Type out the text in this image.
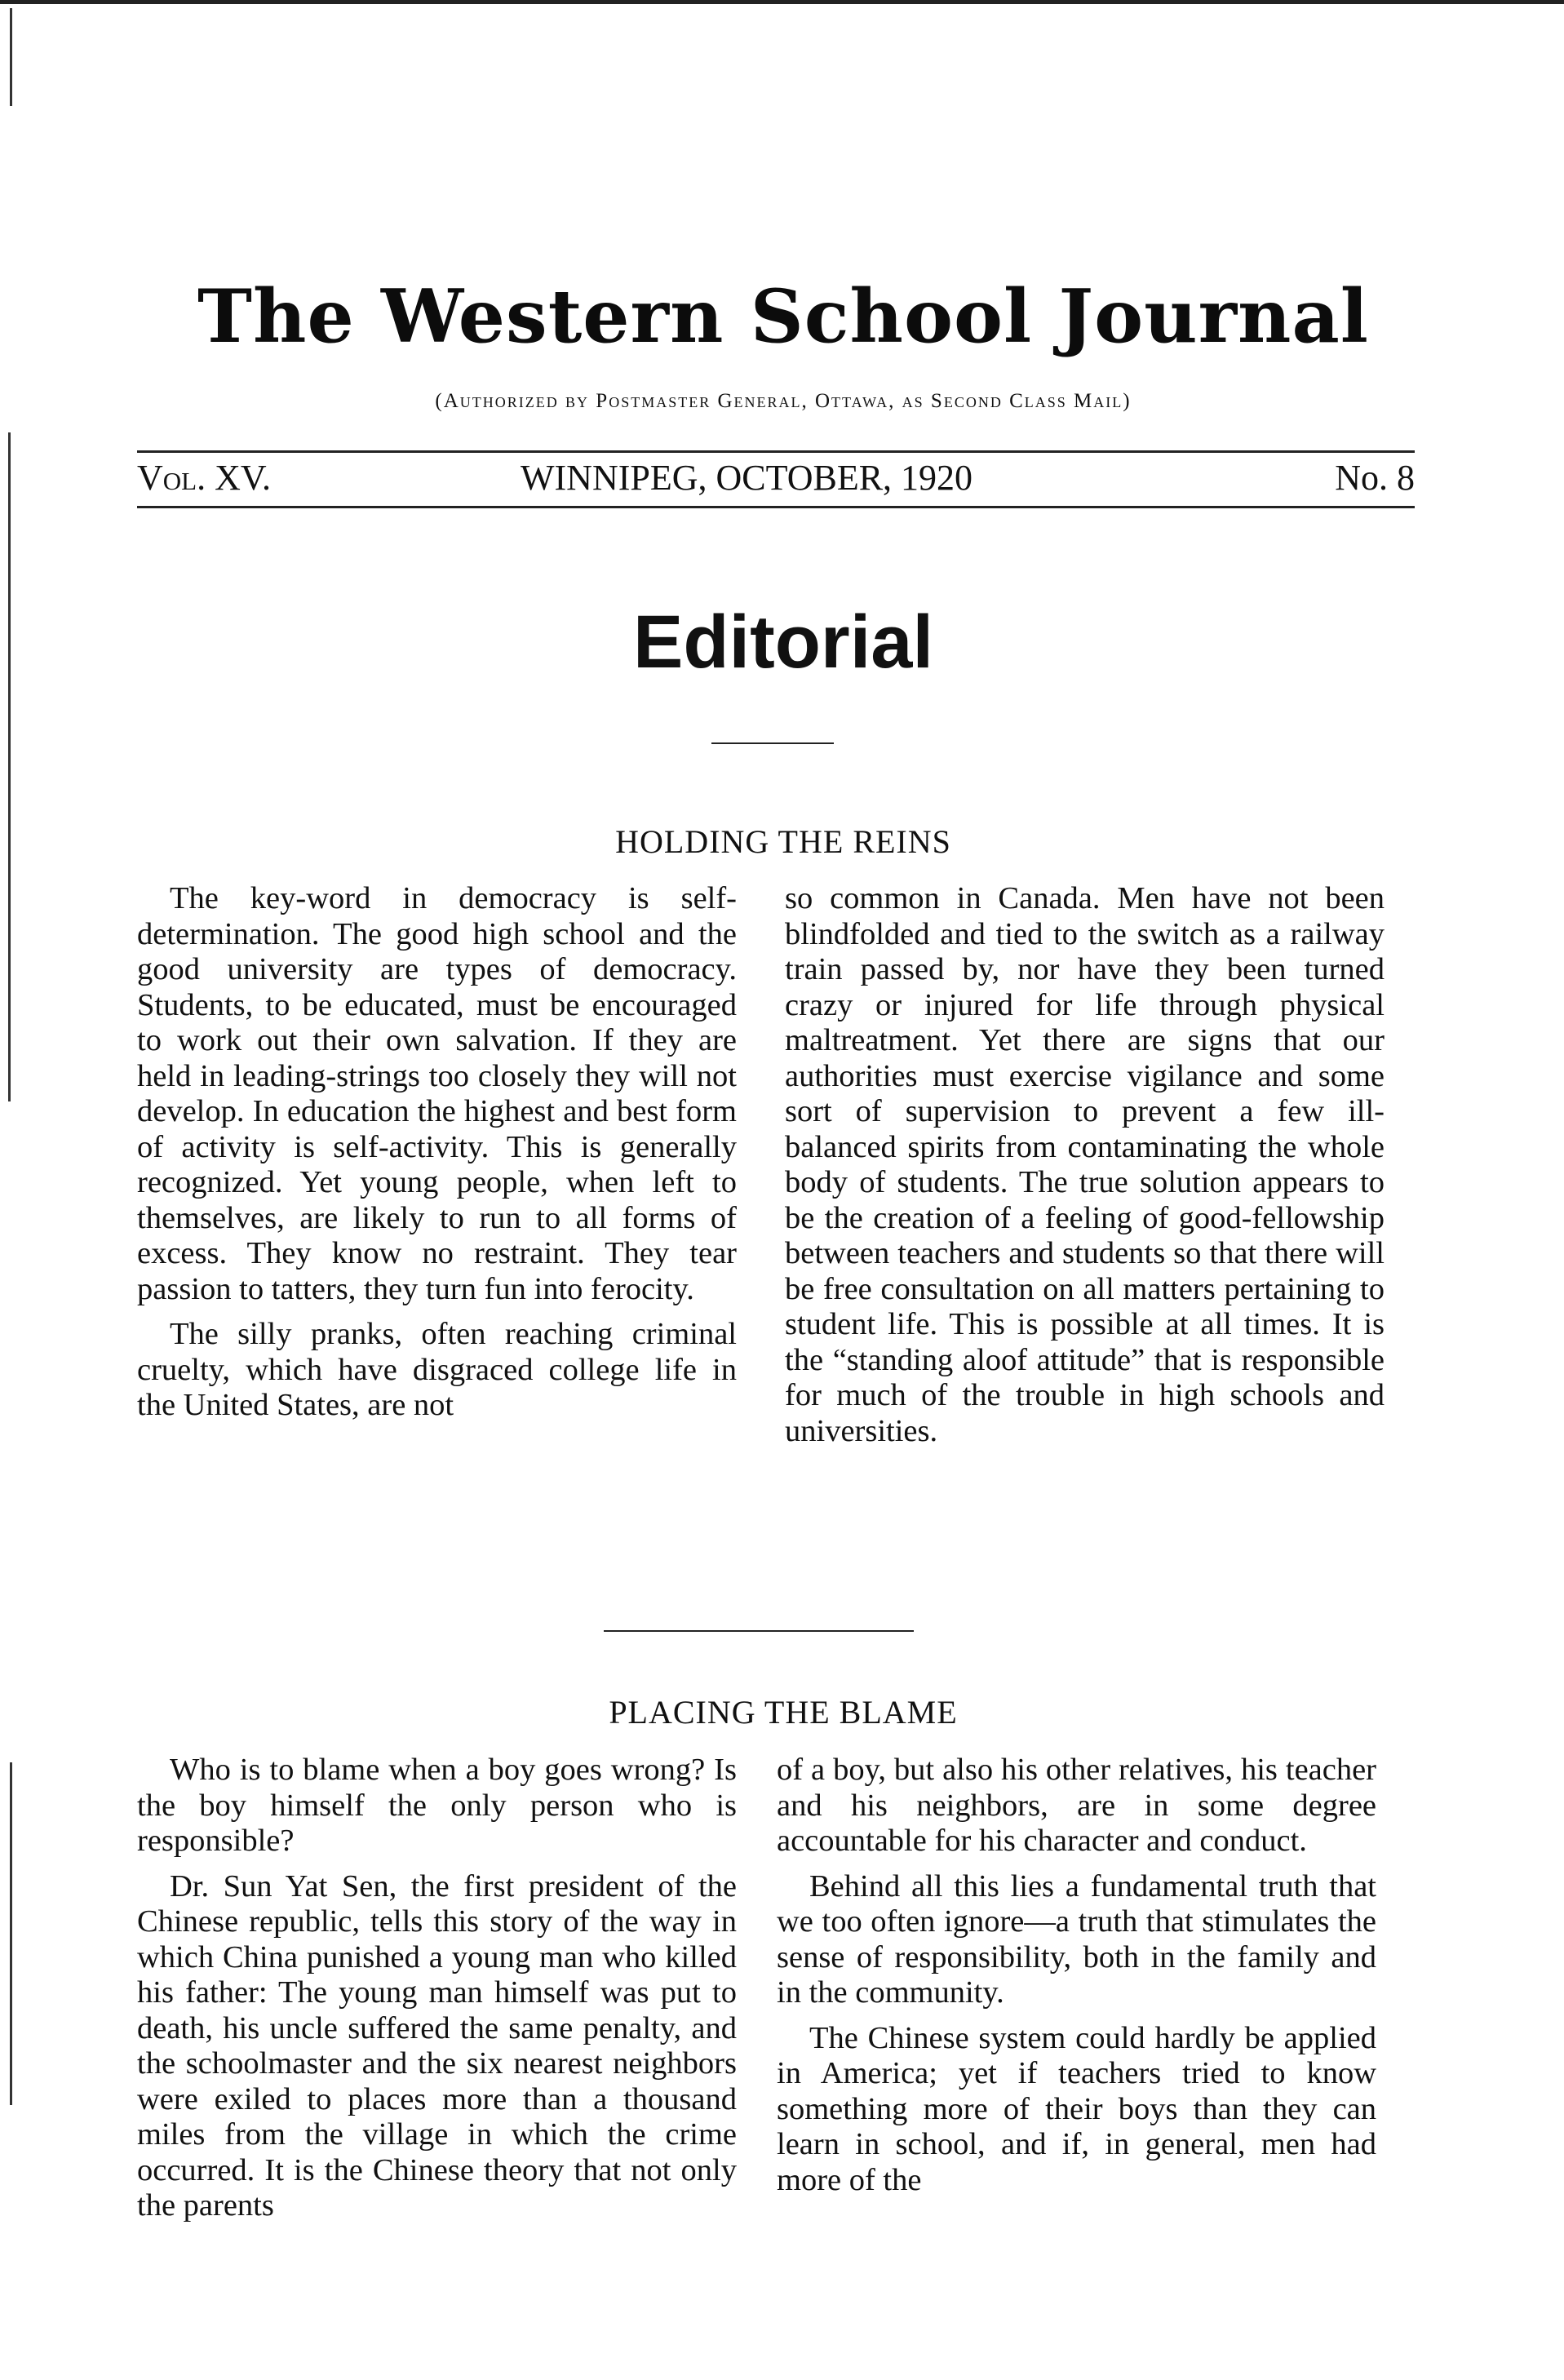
The Western School Journal
(Authorized by Postmaster General, Ottawa, as Second Class Mail)
Vol. XV.	WINNIPEG, OCTOBER, 1920	No. 8
Editorial
HOLDING THE REINS

The key-word in democracy is self-determination. The good high school and the good university are types of democracy. Students, to be educated, must be encouraged to work out their own salvation. If they are held in leading-strings too closely they will not develop. In education the highest and best form of activity is self-activity. This is generally recognized. Yet young people, when left to themselves, are likely to run to all forms of excess. They know no restraint. They tear passion to tatters, they turn fun into ferocity.

The silly pranks, often reaching criminal cruelty, which have disgraced college life in the United States, are not

so common in Canada. Men have not been blindfolded and tied to the switch as a railway train passed by, nor have they been turned crazy or injured for life through physical maltreatment. Yet there are signs that our authorities must exercise vigilance and some sort of supervision to prevent a few ill-balanced spirits from contaminating the whole body of students. The true solution appears to be the creation of a feeling of good-fellowship between teachers and students so that there will be free consultation on all matters pertaining to student life. This is possible at all times. It is the “standing aloof attitude” that is responsible for much of the trouble in high schools and universities.

PLACING THE BLAME

Who is to blame when a boy goes wrong? Is the boy himself the only person who is responsible?

Dr. Sun Yat Sen, the first president of the Chinese republic, tells this story of the way in which China punished a young man who killed his father: The young man himself was put to death, his uncle suffered the same penalty, and the schoolmaster and the six nearest neighbors were exiled to places more than a thousand miles from the village in which the crime occurred. It is the Chinese theory that not only the parents

of a boy, but also his other relatives, his teacher and his neighbors, are in some degree accountable for his character and conduct.

Behind all this lies a fundamental truth that we too often ignore—a truth that stimulates the sense of responsibility, both in the family and in the community.

The Chinese system could hardly be applied in America; yet if teachers tried to know something more of their boys than they can learn in school, and if, in general, men had more of the
